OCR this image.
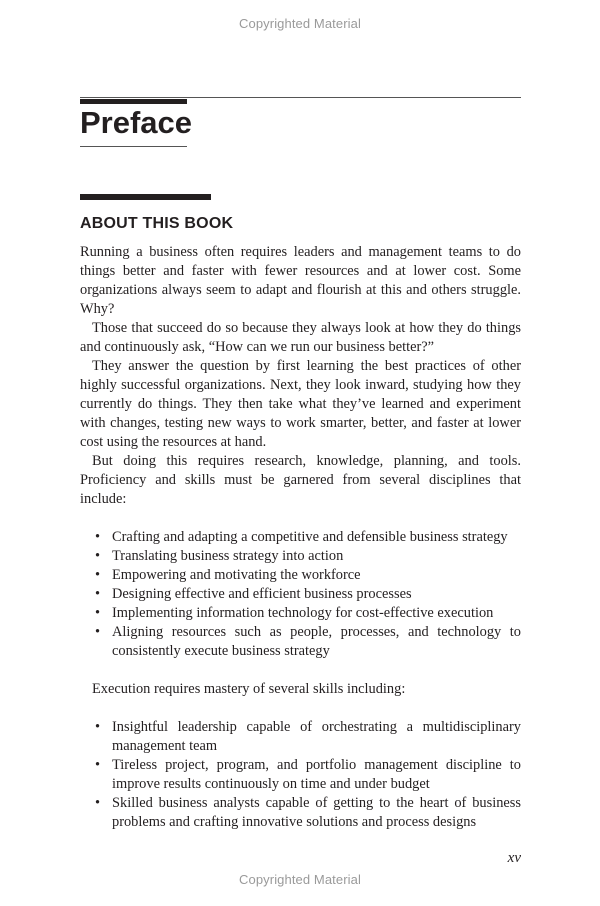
Copyrighted Material
Preface
ABOUT THIS BOOK

Running a business often requires leaders and management teams to do things better and faster with fewer resources and at lower cost. Some organizations always seem to adapt and flourish at this and others struggle. Why?

Those that succeed do so because they always look at how they do things and continuously ask, “How can we run our business better?”

They answer the question by first learning the best practices of other highly successful organizations. Next, they look inward, studying how they currently do things. They then take what they’ve learned and experiment with changes, testing new ways to work smarter, better, and faster at lower cost using the resources at hand.

But doing this requires research, knowledge, planning, and tools. Proficiency and skills must be garnered from several disciplines that include:

• Crafting and adapting a competitive and defensible business strategy
• Translating business strategy into action
• Empowering and motivating the workforce
• Designing effective and efficient business processes
• Implementing information technology for cost-effective execution
• Aligning resources such as people, processes, and technology to consistently execute business strategy

Execution requires mastery of several skills including:

• Insightful leadership capable of orchestrating a multidisciplinary management team
• Tireless project, program, and portfolio management discipline to improve results continuously on time and under budget
• Skilled business analysts capable of getting to the heart of business problems and crafting innovative solutions and process designs
xv
Copyrighted Material
